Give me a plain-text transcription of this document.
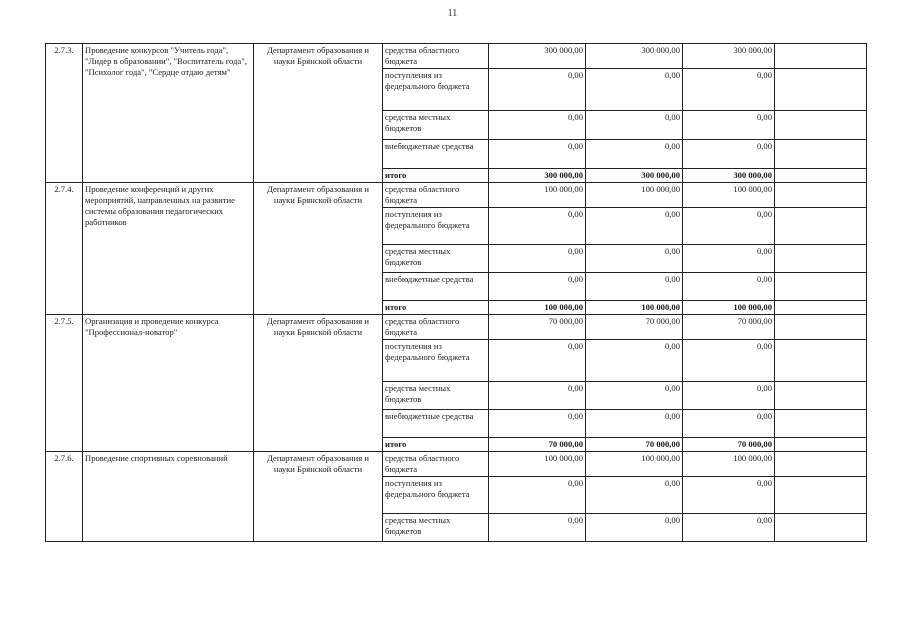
11
2.7.3.	Проведение конкурсов "Учитель года", "Лидер в образовании", "Воспитатель года", "Психолог года", "Сердце отдаю детям"	Департамент образования и науки Брянской области	средства областного бюджета	300 000,00	300 000,00	300 000,00	
			поступления из федерального бюджета	0,00	0,00	0,00	
			средства местных бюджетов	0,00	0,00	0,00	
			внебюджетные средства	0,00	0,00	0,00	
			итого	300 000,00	300 000,00	300 000,00	
2.7.4.	Проведение конференций и других мероприятий, направленных на развитие системы образования педагогических работников	Департамент образования и науки Брянской области	средства областного бюджета	100 000,00	100 000,00	100 000,00	
			поступления из федерального бюджета	0,00	0,00	0,00	
			средства местных бюджетов	0,00	0,00	0,00	
			внебюджетные средства	0,00	0,00	0,00	
			итого	100 000,00	100 000,00	100 000,00	
2.7.5.	Организация и проведение конкурса "Профессионал-новатор"	Департамент образования и науки Брянской области	средства областного бюджета	70 000,00	70 000,00	70 000,00	
			поступления из федерального бюджета	0,00	0,00	0,00	
			средства местных бюджетов	0,00	0,00	0,00	
			внебюджетные средства	0,00	0,00	0,00	
			итого	70 000,00	70 000,00	70 000,00	
2.7.6.	Проведение спортивных соревнований	Департамент образования и науки Брянской области	средства областного бюджета	100 000,00	100 000,00	100 000,00	
			поступления из федерального бюджета	0,00	0,00	0,00	
			средства местных бюджетов	0,00	0,00	0,00	
